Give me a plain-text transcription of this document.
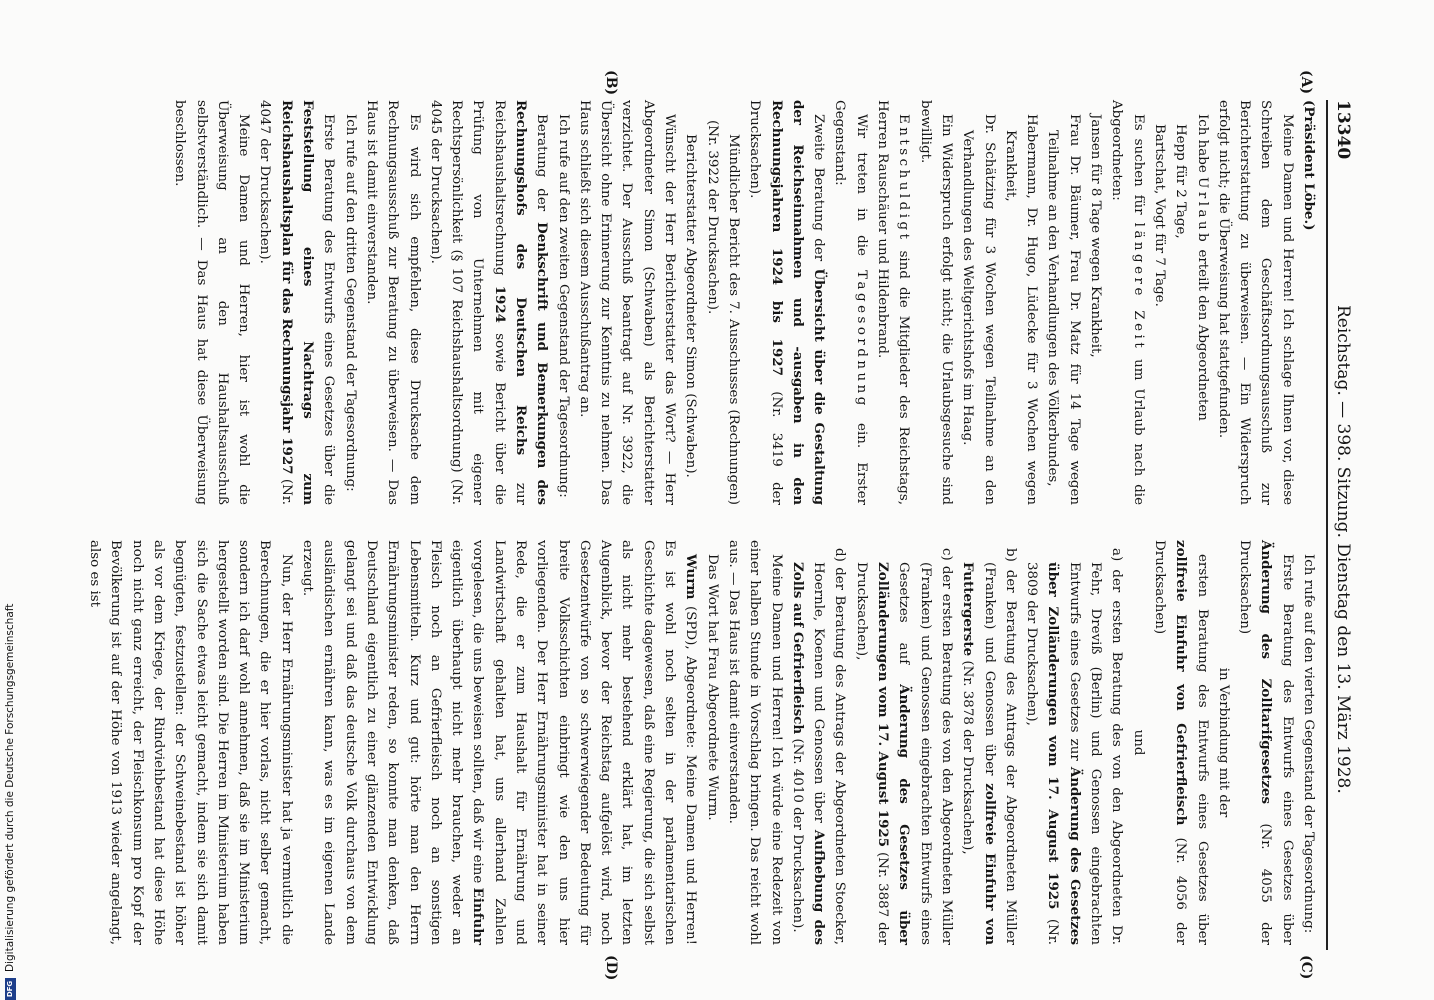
13340
Reichstag. — 398. Sitzung. Dienstag den 13. März 1928.
(A)
(B)
(C)
(D)

(Präsident Löbe.)

Meine Damen und Herren! Ich schlage Ihnen vor, diese Schreiben dem Geschäftsordnungsausschuß zur Berichterstattung zu überweisen. — Ein Widerspruch erfolgt nicht; die Überweisung hat stattgefunden.

Ich habe Urlaub erteilt den Abgeordneten

Hepp für 2 Tage,

Bartschat, Vogt für 7 Tage.

Es suchen für längere Zeit um Urlaub nach die Abgeordneten:

Jansen für 8 Tage wegen Krankheit,

Frau Dr. Bäumer, Frau Dr. Matz für 14 Tage wegen Teilnahme an den Verhandlungen des Völkerbundes,

Habermann, Dr. Hugo, Lüdecke für 3 Wochen wegen Krankheit,

Dr. Schätzing für 3 Wochen wegen Teilnahme an den Verhandlungen des Weltgerichtshofs im Haag.

Ein Widerspruch erfolgt nicht; die Urlaubsgesuche sind bewilligt.

Entschuldigt sind die Mitglieder des Reichstags, Herren Rauschäuer und Hildenbrand.

Wir treten in die Tagesordnung ein. Erster Gegenstand:

Zweite Beratung der Übersicht über die Gestaltung der Reichseinnahmen und -ausgaben in den Rechnungsjahren 1924 bis 1927 (Nr. 3419 der Drucksachen).

Mündlicher Bericht des 7. Ausschusses (Rechnungen) (Nr. 3922 der Drucksachen).

Berichterstatter Abgeordneter Simon (Schwaben).

Wünscht der Herr Berichterstatter das Wort? — Herr Abgeordneter Simon (Schwaben) als Berichterstatter verzichtet. Der Ausschuß beantragt auf Nr. 3922, die Übersicht ohne Erinnerung zur Kenntnis zu nehmen. Das Haus schließt sich diesem Ausschußantrag an.

Ich rufe auf den zweiten Gegenstand der Tagesordnung:

Beratung der Denkschrift und Bemerkungen des Rechnungshofs des Deutschen Reichs zur Reichshaushaltsrechnung 1924 sowie Bericht über die Prüfung von Unternehmen mit eigener Rechtspersönlichkeit (§ 107 Reichshaushaltsordnung) (Nr. 4045 der Drucksachen).

Es wird sich empfehlen, diese Drucksache dem Rechnungsausschuß zur Beratung zu überweisen. — Das Haus ist damit einverstanden.

Ich rufe auf den dritten Gegenstand der Tagesordnung:

Erste Beratung des Entwurfs eines Gesetzes über die Feststellung eines Nachtrags zum Reichshaushaltsplan für das Rechnungsjahr 1927 (Nr. 4047 der Drucksachen).

Meine Damen und Herren, hier ist wohl die Überweisung an den Haushaltsausschuß selbstverständlich. — Das Haus hat diese Überweisung beschlossen.

Ich rufe auf den vierten Gegenstand der Tagesordnung:

Erste Beratung des Entwurfs eines Gesetzes über Änderung des Zolltarifgesetzes (Nr. 4055 der Drucksachen)

in Verbindung mit der

ersten Beratung des Entwurfs eines Gesetzes über zollfreie Einfuhr von Gefrierfleisch (Nr. 4056 der Drucksachen)

und

a) der ersten Beratung des von den Abgeordneten Dr. Fehr, Dreviß (Berlin) und Genossen eingebrachten Entwurfs eines Gesetzes zur Änderung des Gesetzes über Zolländerungen vom 17. August 1925 (Nr. 3809 der Drucksachen),

b) der Beratung des Antrags der Abgeordneten Müller (Franken) und Genossen über zollfreie Einfuhr von Futtergerste (Nr. 3878 der Drucksachen),

c) der ersten Beratung des von den Abgeordneten Müller (Franken) und Genossen eingebrachten Entwurfs eines Gesetzes auf Änderung des Gesetzes über Zolländerungen vom 17. August 1925 (Nr. 3887 der Drucksachen),

d) der Beratung des Antrags der Abgeordneten Stoecker, Hoernle, Koenen und Genossen über Aufhebung des Zolls auf Gefrierfleisch (Nr. 4010 der Drucksachen).

Meine Damen und Herren! Ich würde eine Redezeit von einer halben Stunde in Vorschlag bringen. Das reicht wohl aus. — Das Haus ist damit einverstanden.

Das Wort hat Frau Abgeordnete Wurm.

Wurm (SPD), Abgeordnete: Meine Damen und Herren! Es ist wohl noch selten in der parlamentarischen Geschichte dagewesen, daß eine Regierung, die sich selbst als nicht mehr bestehend erklärt hat, im letzten Augenblick, bevor der Reichstag aufgelöst wird, noch Gesetzentwürfe von so schwerwiegender Bedeutung für breite Volksschichten einbringt wie den uns hier vorliegenden. Der Herr Ernährungsminister hat in seiner Rede, die er zum Haushalt für Ernährung und Landwirtschaft gehalten hat, uns allerhand Zahlen vorgelesen, die uns beweisen sollten, daß wir eine Einfuhr eigentlich überhaupt nicht mehr brauchen, weder an Fleisch noch an Gefrierfleisch noch an sonstigen Lebensmitteln. Kurz und gut: hörte man den Herrn Ernährungsminister reden, so konnte man denken, daß Deutschland eigentlich zu einer glänzenden Entwicklung gelangt sei und daß das deutsche Volk durchaus von dem ausländischen ernähren kann, was es im eigenen Lande erzeugt.

Nun, der Herr Ernährungsminister hat ja vermutlich die Berechnungen, die er hier vorlas, nicht selber gemacht, sondern ich darf wohl annehmen, daß sie im Ministerium hergestellt worden sind. Die Herren im Ministerium haben sich die Sache etwas leicht gemacht, indem sie sich damit begnügten, festzustellen: der Schweinebestand ist höher als vor dem Kriege, der Rindviehbestand hat diese Höhe noch nicht ganz erreicht, der Fleischkonsum pro Kopf der Bevölkerung ist auf der Höhe von 1913 wieder angelangt, also es ist

DFGDigitalisierung gefördert durch die Deutsche Forschungsgemeinschaft
